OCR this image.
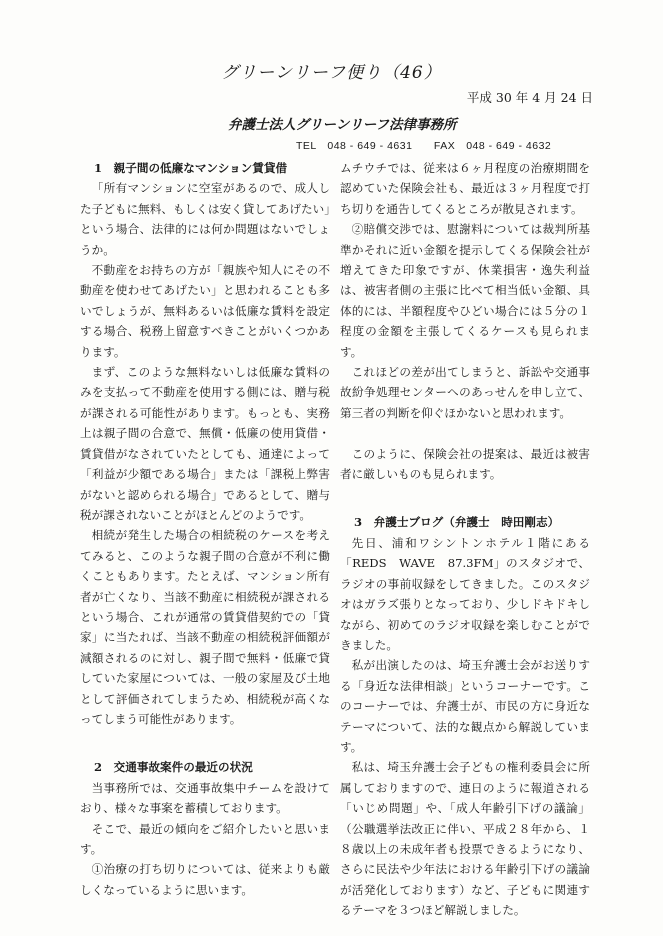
グリーンリーフ便り（46）
平成 30 年 4 月 24 日
弁護士法人グリーンリーフ法律事務所
TEL　048 - 649 - 4631 FAX　048 - 649 - 4632
1　親子間の低廉なマンション賃貸借

「所有マンションに空室があるので、成人した子どもに無料、もしくは安く貸してあげたい」という場合、法律的には何か問題はないでしょうか。

不動産をお持ちの方が「親族や知人にその不動産を使わせてあげたい」と思われることも多いでしょうが、無料あるいは低廉な賃料を設定する場合、税務上留意すべきことがいくつかあります。

まず、このような無料ないしは低廉な賃料のみを支払って不動産を使用する側には、贈与税が課される可能性があります。もっとも、実務上は親子間の合意で、無償・低廉の使用貸借・賃貸借がなされていたとしても、通達によって「利益が少額である場合」または「課税上弊害がないと認められる場合」であるとして、贈与税が課されないことがほとんどのようです。

相続が発生した場合の相続税のケースを考えてみると、このような親子間の合意が不利に働くこともあります。たとえば、マンション所有者が亡くなり、当該不動産に相続税が課されるという場合、これが通常の賃貸借契約での「貸家」に当たれば、当該不動産の相続税評価額が減額されるのに対し、親子間で無料・低廉で貸していた家屋については、一般の家屋及び土地として評価されてしまうため、相続税が高くなってしまう可能性があります。

2　交通事故案件の最近の状況

当事務所では、交通事故集中チームを設けており、様々な事案を蓄積しております。

そこで、最近の傾向をご紹介したいと思います。

①治療の打ち切りについては、従来よりも厳しくなっているように思います。

ムチウチでは、従来は６ヶ月程度の治療期間を認めていた保険会社も、最近は３ヶ月程度で打ち切りを通告してくるところが散見されます。

②賠償交渉では、慰謝料については裁判所基準かそれに近い金額を提示してくる保険会社が増えてきた印象ですが、休業損害・逸失利益は、被害者側の主張に比べて相当低い金額、具体的には、半額程度やひどい場合には５分の１程度の金額を主張してくるケースも見られます。

これほどの差が出てしまうと、訴訟や交通事故紛争処理センターへのあっせんを申し立て、第三者の判断を仰ぐほかないと思われます。

このように、保険会社の提案は、最近は被害者に厳しいものも見られます。

3　弁護士ブログ（弁護士　時田剛志）

先日、浦和ワシントンホテル１階にある「REDS　WAVE　87.3FM」のスタジオで、ラジオの事前収録をしてきました。このスタジオはガラズ張りとなっており、少しドキドキしながら、初めてのラジオ収録を楽しむことができました。

私が出演したのは、埼玉弁護士会がお送りする「身近な法律相談」というコーナーです。このコーナーでは、弁護士が、市民の方に身近なテーマについて、法的な観点から解説しています。

私は、埼玉弁護士会子どもの権利委員会に所属しておりますので、連日のように報道される「いじめ問題」や、「成人年齢引下げの議論」（公職選挙法改正に伴い、平成２８年から、１８歳以上の未成年者も投票できるようになり、さらに民法や少年法における年齢引下げの議論が活発化しております）など、子どもに関連するテーマを３つほど解説しました。
